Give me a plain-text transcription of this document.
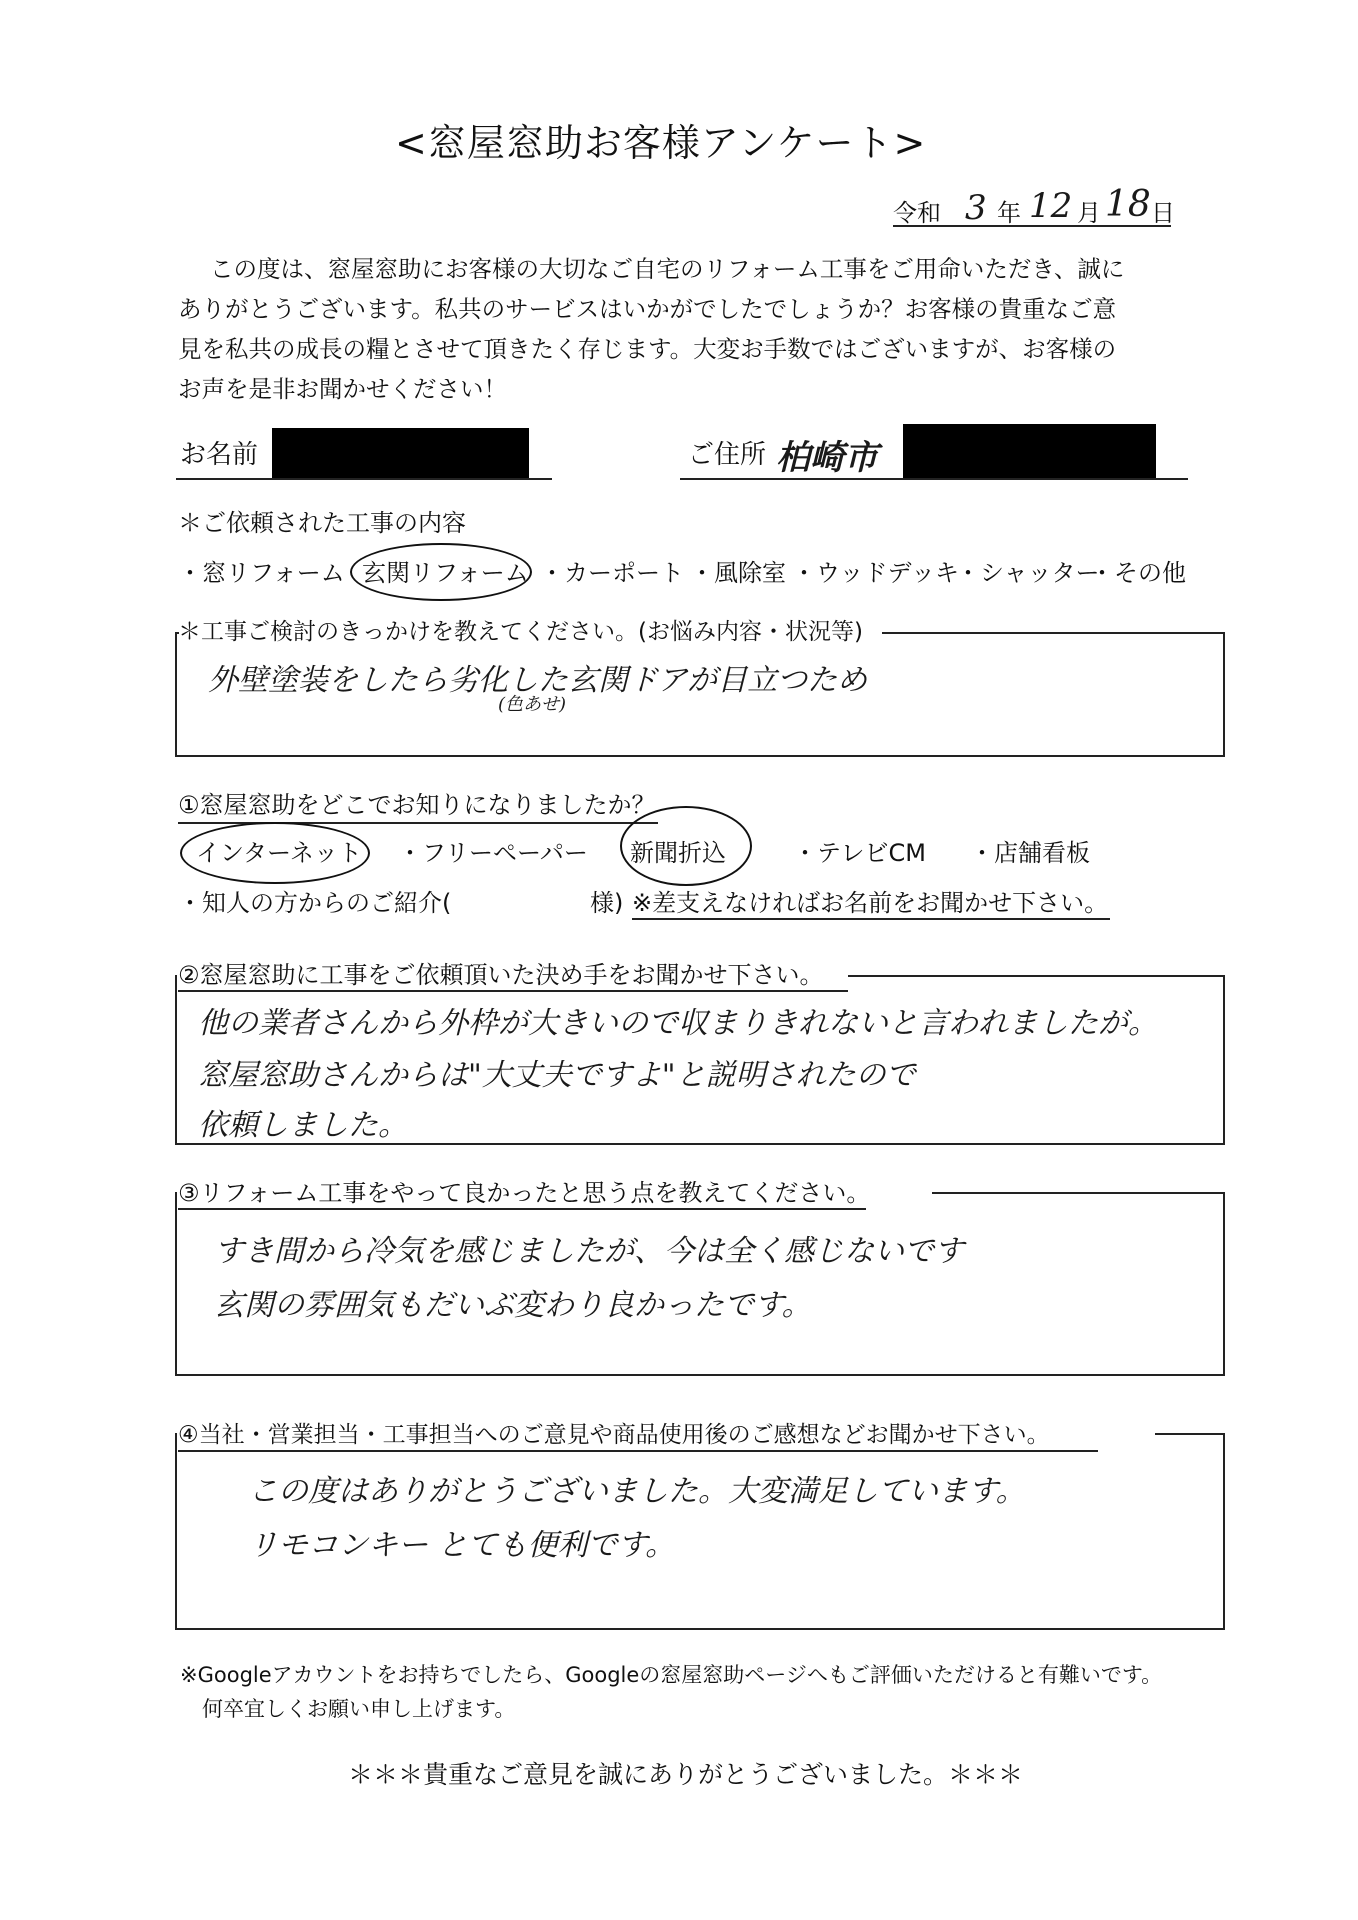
<窓屋窓助お客様アンケート>
令和 3 年 12 月 18 日
この度は、窓屋窓助にお客様の大切なご自宅のリフォーム工事をご用命いただき、誠に
ありがとうございます。私共のサービスはいかがでしたでしょうか？お客様の貴重なご意
見を私共の成長の糧とさせて頂きたく存じます。大変お手数ではございますが、お客様の
お声を是非お聞かせください！
お名前	ご住所 柏崎市
＊ご依頼された工事の内容
・窓リフォーム 玄関リフォーム ・カーポート ・風除室 ・ウッドデッキ
・シャッター
・その他
＊工事ご検討のきっかけを教えてください。(お悩み内容・状況等)
外壁塗装をしたら劣化した玄関ドアが目立つため
(色あせ)
①窓屋窓助をどこでお知りになりましたか？
インターネット ・フリーペーパー 新聞折込	・テレビCM ・店舗看板
・知人の方からのご紹介(	様) ※差支えなければお名前をお聞かせ下さい。
②窓屋窓助に工事をご依頼頂いた決め手をお聞かせ下さい。
他の業者さんから外枠が大きいので収まりきれないと言われましたが。
窓屋窓助さんからは"大丈夫ですよ"と説明されたので
依頼しました。
③リフォーム工事をやって良かったと思う点を教えてください。
すき間から冷気を感じましたが、今は全く感じないです
玄関の雰囲気もだいぶ変わり良かったです。
④当社・営業担当・工事担当へのご意見や商品使用後のご感想などお聞かせ下さい。
この度はありがとうございました。大変満足しています。
リモコンキー とても便利です。
※Googleアカウントをお持ちでしたら、Googleの窓屋窓助ページへもご評価いただけると有難いです。
何卒宜しくお願い申し上げます。
＊＊＊貴重なご意見を誠にありがとうございました。＊＊＊
